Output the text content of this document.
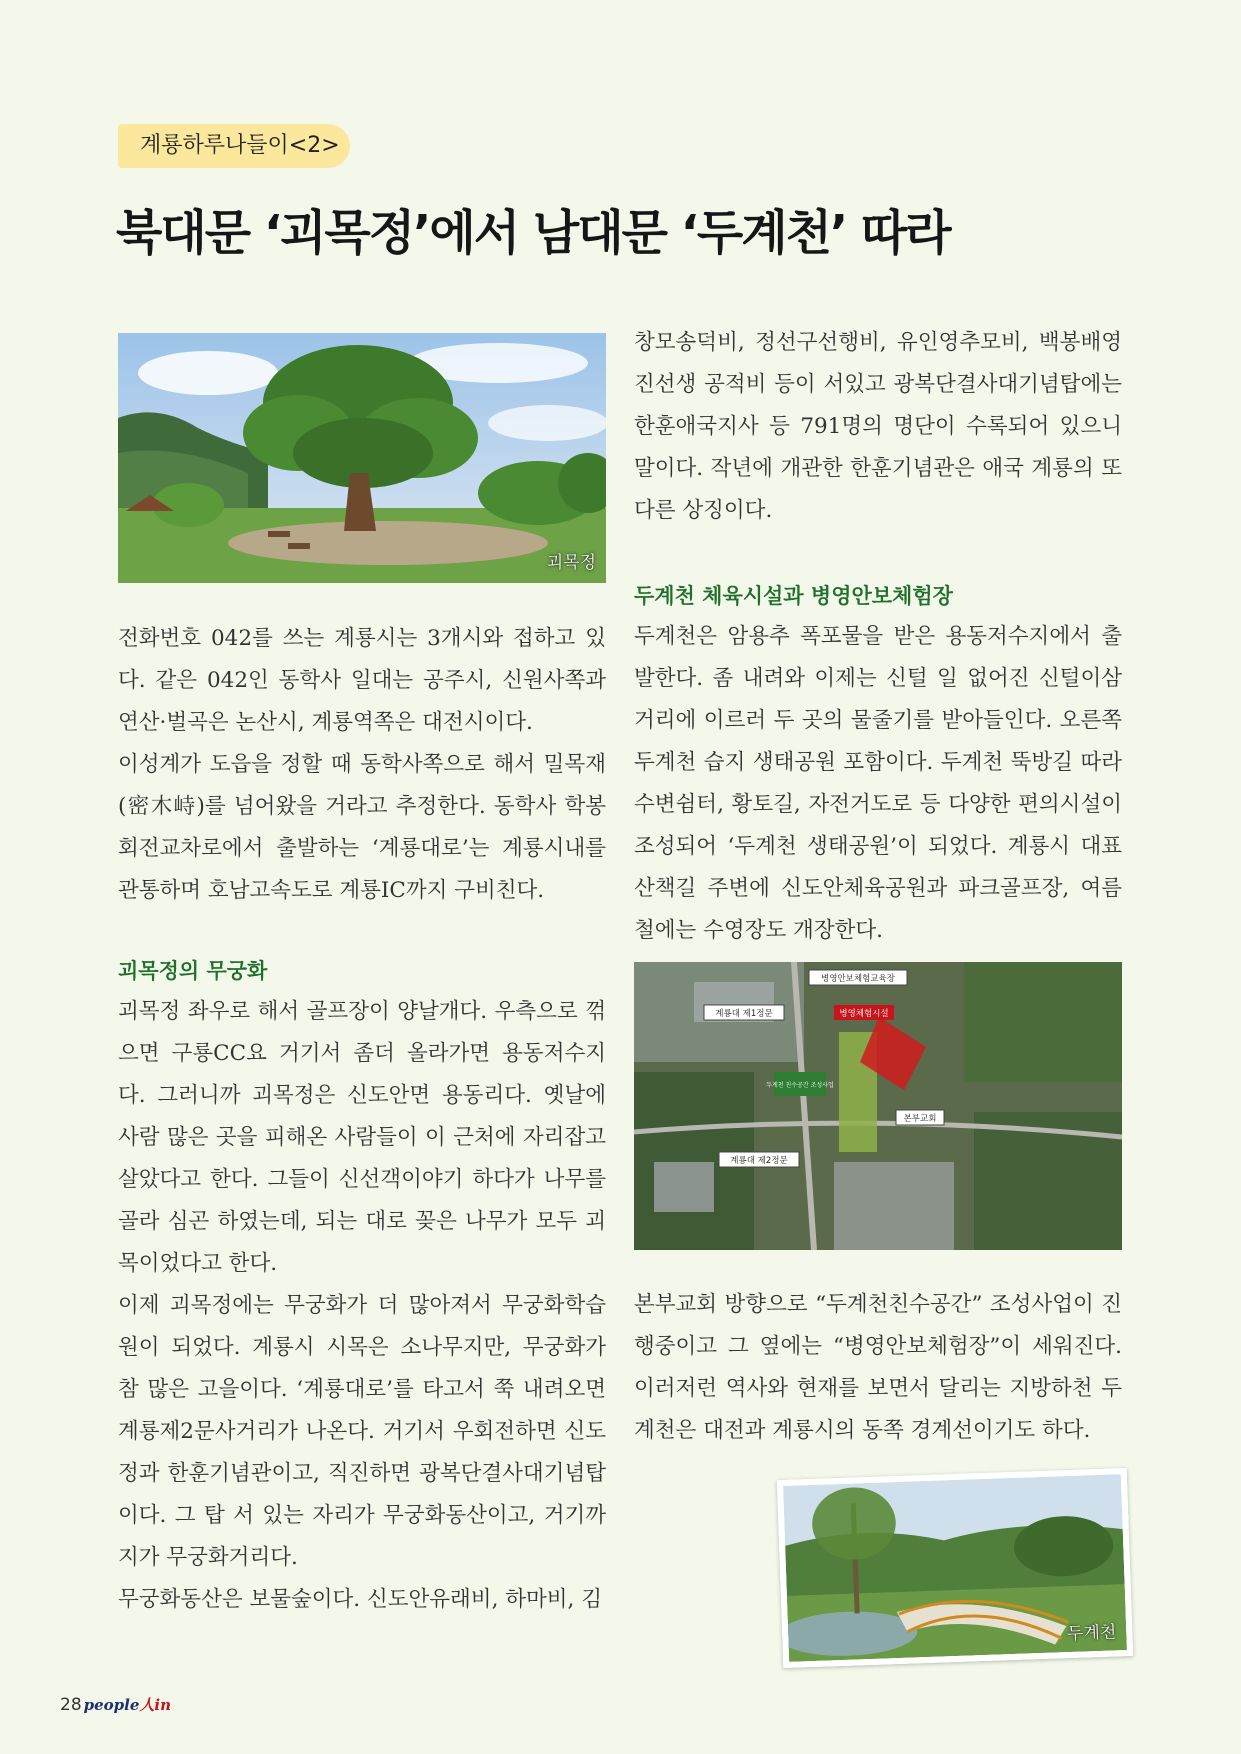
계룡하루나들이<2>
북대문 ‘괴목정’에서 남대문 ‘두계천’ 따라
괴목정

전화번호 042를 쓰는 계룡시는 3개시와 접하고 있다. 같은 042인 동학사 일대는 공주시, 신원사쪽과 연산·벌곡은 논산시, 계룡역쪽은 대전시이다.

이성계가 도읍을 정할 때 동학사쪽으로 해서 밀목재(密木峙)를 넘어왔을 거라고 추정한다. 동학사 학봉회전교차로에서 출발하는 ‘계룡대로’는 계룡시내를 관통하며 호남고속도로 계룡IC까지 구비친다.

괴목정의 무궁화

괴목정 좌우로 해서 골프장이 양날개다. 우측으로 꺾으면 구룡CC요 거기서 좀더 올라가면 용동저수지다. 그러니까 괴목정은 신도안면 용동리다. 옛날에 사람 많은 곳을 피해온 사람들이 이 근처에 자리잡고 살았다고 한다. 그들이 신선객이야기 하다가 나무를 골라 심곤 하였는데, 되는 대로 꽂은 나무가 모두 괴목이었다고 한다.

이제 괴목정에는 무궁화가 더 많아져서 무궁화학습원이 되었다. 계룡시 시목은 소나무지만, 무궁화가 참 많은 고을이다. ‘계룡대로’를 타고서 쭉 내려오면 계룡제2문사거리가 나온다. 거기서 우회전하면 신도정과 한훈기념관이고, 직진하면 광복단결사대기념탑이다. 그 탑 서 있는 자리가 무궁화동산이고, 거기까지가 무궁화거리다.

무궁화동산은 보물숲이다. 신도안유래비, 하마비, 김

창모송덕비, 정선구선행비, 유인영추모비, 백봉배영진선생 공적비 등이 서있고 광복단결사대기념탑에는 한훈애국지사 등 791명의 명단이 수록되어 있으니 말이다. 작년에 개관한 한훈기념관은 애국 계룡의 또다른 상징이다.

두계천 체육시설과 병영안보체험장

두계천은 암용추 폭포물을 받은 용동저수지에서 출발한다. 좀 내려와 이제는 신털 일 없어진 신털이삼거리에 이르러 두 곳의 물줄기를 받아들인다. 오른쪽 두계천 습지 생태공원 포함이다. 두계천 뚝방길 따라 수변쉼터, 황토길, 자전거도로 등 다양한 편의시설이 조성되어 ‘두계천 생태공원’이 되었다. 계룡시 대표 산책길 주변에 신도안체육공원과 파크골프장, 여름철에는 수영장도 개장한다.

병영안보체험교육장
계룡대 제1정문	병영체험시설
두계천 친수공간 조성사업
본부교회
계룡대 제2정문

본부교회 방향으로 “두계천친수공간” 조성사업이 진행중이고 그 옆에는 “병영안보체험장”이 세워진다. 이러저런 역사와 현재를 보면서 달리는 지방하천 두계천은 대전과 계룡시의 동쪽 경계선이기도 하다.

두계천
28 people人in
